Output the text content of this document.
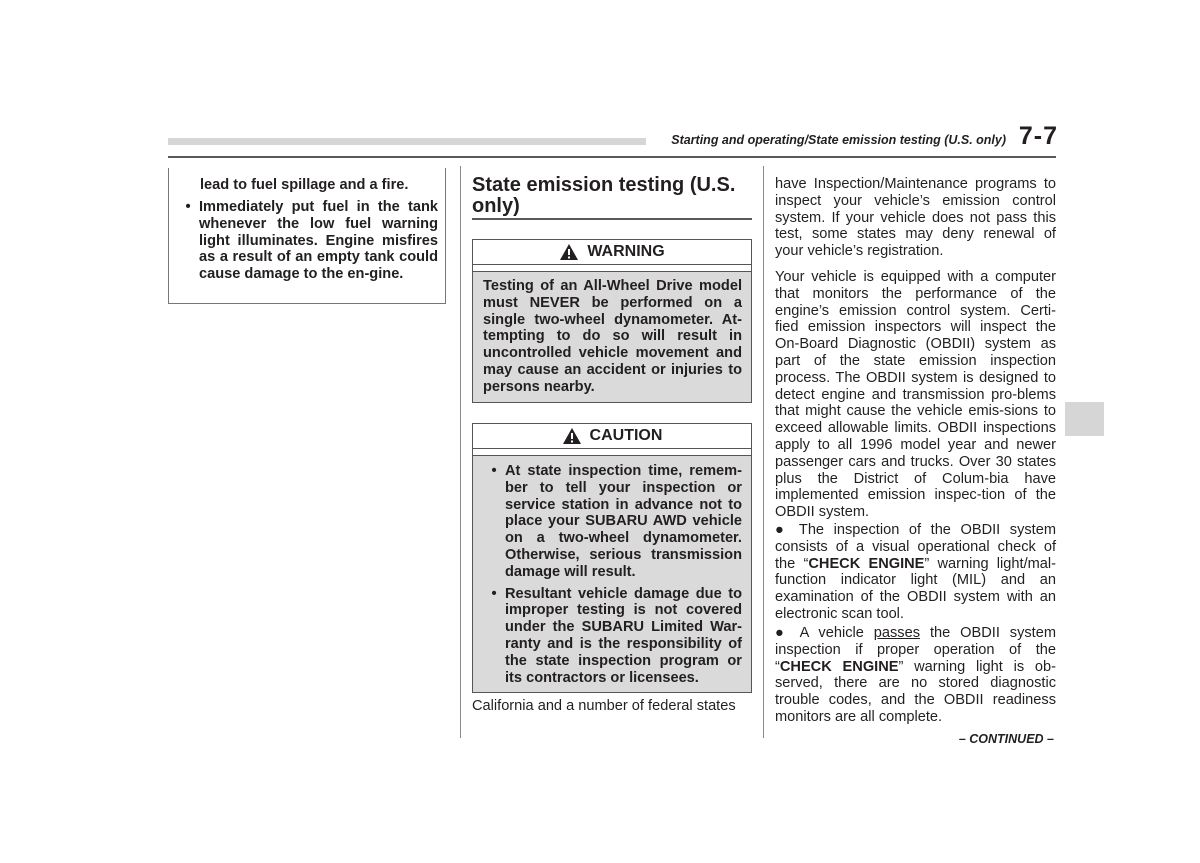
Starting and operating/State emission testing (U.S. only) 7-7

lead to fuel spillage and a fire.

• Immediately put fuel in the tank whenever the low fuel warning light illuminates. Engine misfires as a result of an empty tank could cause damage to the en-gine.
State emission testing (U.S. only)
WARNING

Testing of an All-Wheel Drive model must NEVER be performed on a single two-wheel dynamometer. At-tempting to do so will result in uncontrolled vehicle movement and may cause an accident or injuries to persons nearby.

CAUTION
• At state inspection time, remem-ber to tell your inspection or service station in advance not to place your SUBARU AWD vehicle on a two-wheel dynamometer. Otherwise, serious transmission damage will result.
• Resultant vehicle damage due to improper testing is not covered under the SUBARU Limited War-ranty and is the responsibility of the state inspection program or its contractors or licensees.
California and a number of federal states
have Inspection/Maintenance programs to inspect your vehicle’s emission control system. If your vehicle does not pass this test, some states may deny renewal of your vehicle’s registration.
Your vehicle is equipped with a computer that monitors the performance of the engine’s emission control system. Certi-fied emission inspectors will inspect the On-Board Diagnostic (OBDII) system as part of the state emission inspection process. The OBDII system is designed to detect engine and transmission pro-blems that might cause the vehicle emis-sions to exceed allowable limits. OBDII inspections apply to all 1996 model year and newer passenger cars and trucks. Over 30 states plus the District of Colum-bia have implemented emission inspec-tion of the OBDII system.
● The inspection of the OBDII system consists of a visual operational check of the “CHECK ENGINE” warning light/mal-function indicator light (MIL) and an examination of the OBDII system with an electronic scan tool.
● A vehicle passes the OBDII system inspection if proper operation of the “CHECK ENGINE” warning light is ob-served, there are no stored diagnostic trouble codes, and the OBDII readiness monitors are all complete.
– CONTINUED –
